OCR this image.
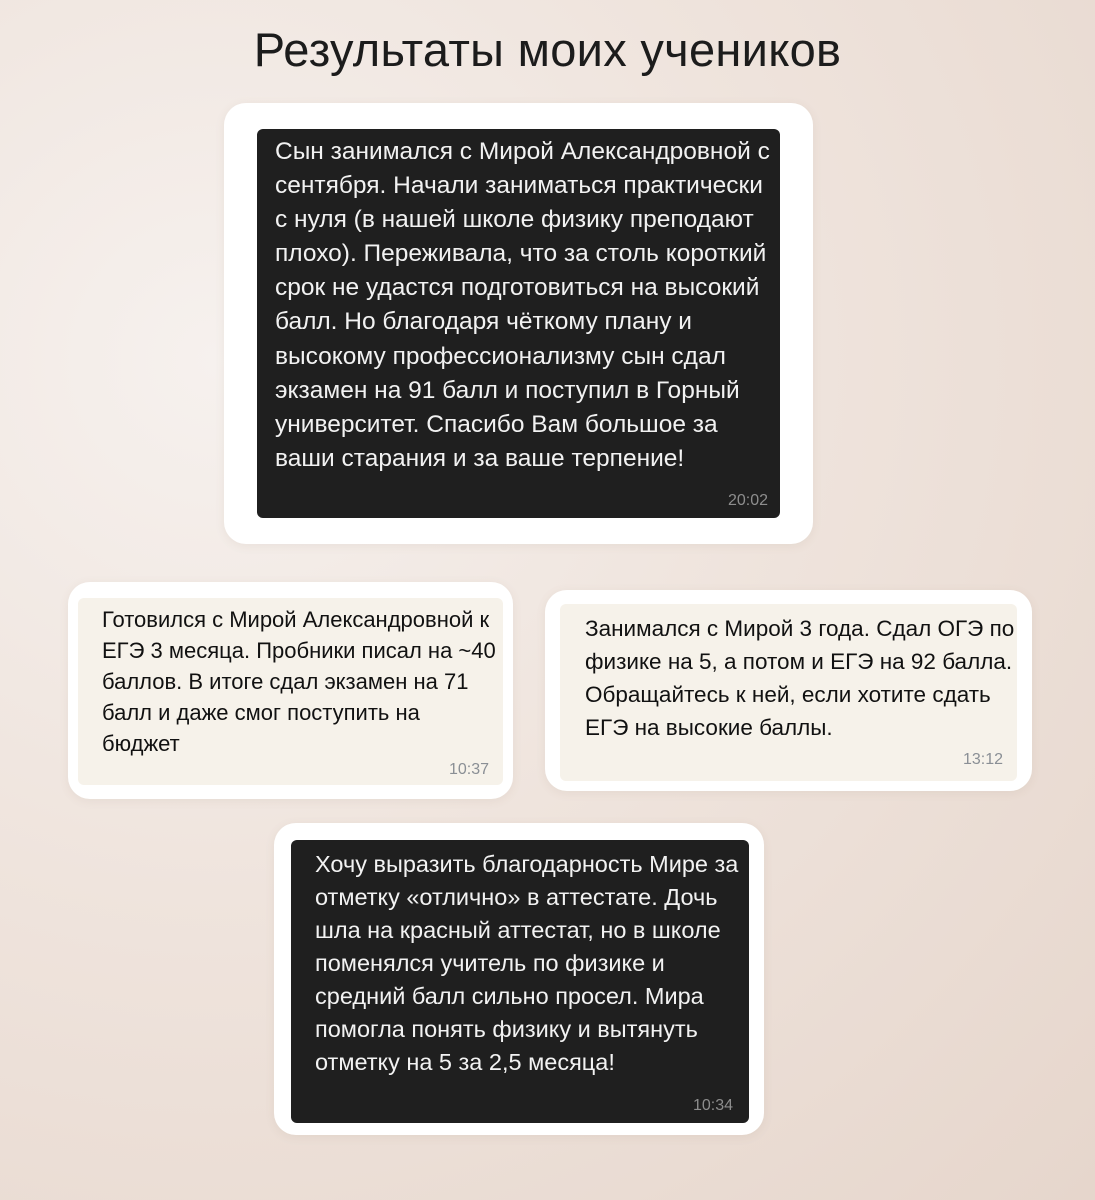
Результаты моих учеников
Сын занимался с Мирой Александровной с сентября. Начали заниматься практически с нуля (в нашей школе физику преподают плохо). Переживала, что за столь короткий срок не удастся подготовиться на высокий балл. Но благодаря чёткому плану и высокому профессионализму сын сдал экзамен на 91 балл и поступил в Горный университет. Спасибо Вам большое за ваши старания и за ваше терпение!
20:02
Готовился с Мирой Александровной к ЕГЭ 3 месяца. Пробники писал на ~40 баллов. В итоге сдал экзамен на 71 балл и даже смог поступить на бюджет
10:37
Занимался с Мирой 3 года. Сдал ОГЭ по физике на 5, а потом и ЕГЭ на 92 балла. Обращайтесь к ней, если хотите сдать ЕГЭ на высокие баллы.
13:12
Хочу выразить благодарность Мире за отметку «отлично» в аттестате. Дочь шла на красный аттестат, но в школе поменялся учитель по физике и средний балл сильно просел. Мира помогла понять физику и вытянуть отметку на 5 за 2,5 месяца!
10:34
